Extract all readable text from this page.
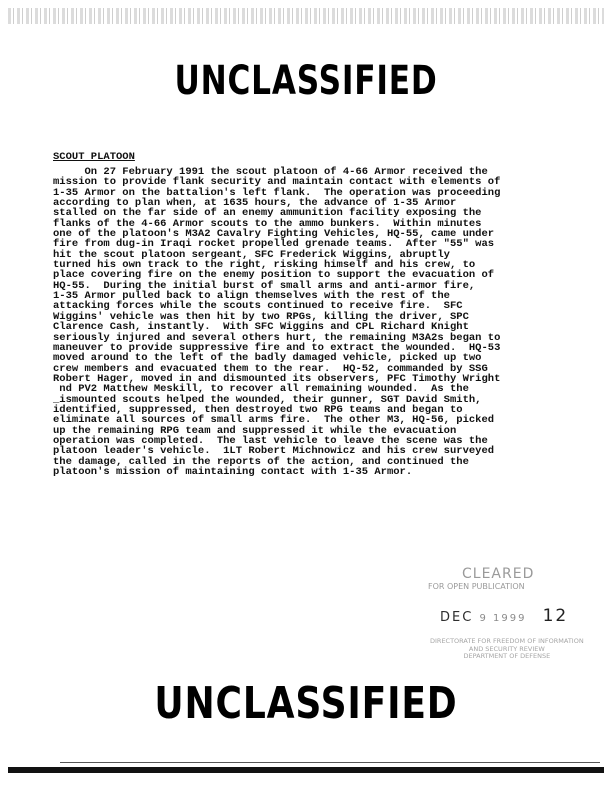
UNCLASSIFIED
SCOUT PLATOON
On 27 February 1991 the scout platoon of 4-66 Armor received the
mission to provide flank security and maintain contact with elements of
1-35 Armor on the battalion's left flank.  The operation was proceeding
according to plan when, at 1635 hours, the advance of 1-35 Armor
stalled on the far side of an enemy ammunition facility exposing the
flanks of the 4-66 Armor scouts to the ammo bunkers.  Within minutes
one of the platoon's M3A2 Cavalry Fighting Vehicles, HQ-55, came under
fire from dug-in Iraqi rocket propelled grenade teams.  After "55" was
hit the scout platoon sergeant, SFC Frederick Wiggins, abruptly
turned his own track to the right, risking himself and his crew, to
place covering fire on the enemy position to support the evacuation of
HQ-55.  During the initial burst of small arms and anti-armor fire,
1-35 Armor pulled back to align themselves with the rest of the
attacking forces while the scouts continued to receive fire.  SFC
Wiggins' vehicle was then hit by two RPGs, killing the driver, SPC
Clarence Cash, instantly.  With SFC Wiggins and CPL Richard Knight
seriously injured and several others hurt, the remaining M3A2s began to
maneuver to provide suppressive fire and to extract the wounded.  HQ-53
moved around to the left of the badly damaged vehicle, picked up two
crew members and evacuated them to the rear.  HQ-52, commanded by SSG
Robert Hager, moved in and dismounted its observers, PFC Timothy Wright
nd PV2 Matthew Meskill, to recover all remaining wounded.  As the
_ismounted scouts helped the wounded, their gunner, SGT David Smith,
identified, suppressed, then destroyed two RPG teams and began to
eliminate all sources of small arms fire.  The other M3, HQ-56, picked
up the remaining RPG team and suppressed it while the evacuation
operation was completed.  The last vehicle to leave the scene was the
platoon leader's vehicle.  1LT Robert Michnowicz and his crew surveyed
the damage, called in the reports of the action, and continued the
platoon's mission of maintaining contact with 1-35 Armor.
CLEARED
FOR OPEN PUBLICATION
DEC 9 1999 12
DIRECTORATE FOR FREEDOM OF INFORMATION
AND SECURITY REVIEW
DEPARTMENT OF DEFENSE
UNCLASSIFIED
